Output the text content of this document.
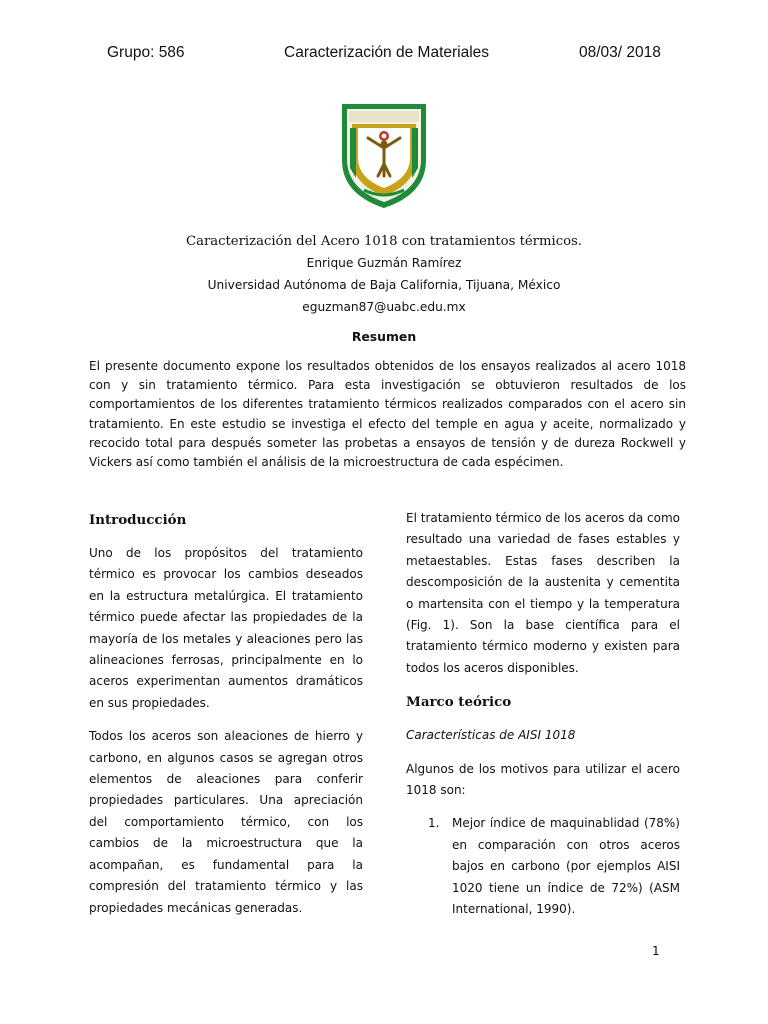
Grupo: 586	Caracterización de Materiales	08/03/ 2018

Caracterización del Acero 1018 con tratamientos térmicos.

Enrique Guzmán Ramírez

Universidad Autónoma de Baja California, Tijuana, México

eguzman87@uabc.edu.mx

Resumen

El presente documento expone los resultados obtenidos de los ensayos realizados al acero 1018 con y sin tratamiento térmico. Para esta investigación se obtuvieron resultados de los comportamientos de los diferentes tratamiento térmicos realizados comparados con el acero sin tratamiento. En este estudio se investiga el efecto del temple en agua y aceite, normalizado y recocido total para después someter las probetas a ensayos de tensión y de dureza Rockwell y Vickers así como también el análisis de la microestructura de cada espécimen.

Introducción

Uno de los propósitos del tratamiento térmico es provocar los cambios deseados en la estructura metalúrgica. El tratamiento térmico puede afectar las propiedades de la mayoría de los metales y aleaciones pero las alineaciones ferrosas, principalmente en lo aceros experimentan aumentos dramáticos en sus propiedades.

Todos los aceros son aleaciones de hierro y carbono, en algunos casos se agregan otros elementos de aleaciones para conferir propiedades particulares. Una apreciación del comportamiento térmico, con los cambios de la microestructura que la acompañan, es fundamental para la compresión del tratamiento térmico y las propiedades mecánicas generadas.

El tratamiento térmico de los aceros da como resultado una variedad de fases estables y metaestables. Estas fases describen la descomposición de la austenita y cementita o martensita con el tiempo y la temperatura (Fig. 1). Son la base científica para el tratamiento térmico moderno y existen para todos los aceros disponibles.

Marco teórico

Características de AISI 1018

Algunos de los motivos para utilizar el acero 1018 son:

1. Mejor índice de maquinablidad (78%) en comparación con otros aceros bajos en carbono (por ejemplos AISI 1020 tiene un índice de 72%) (ASM International, 1990).
1
